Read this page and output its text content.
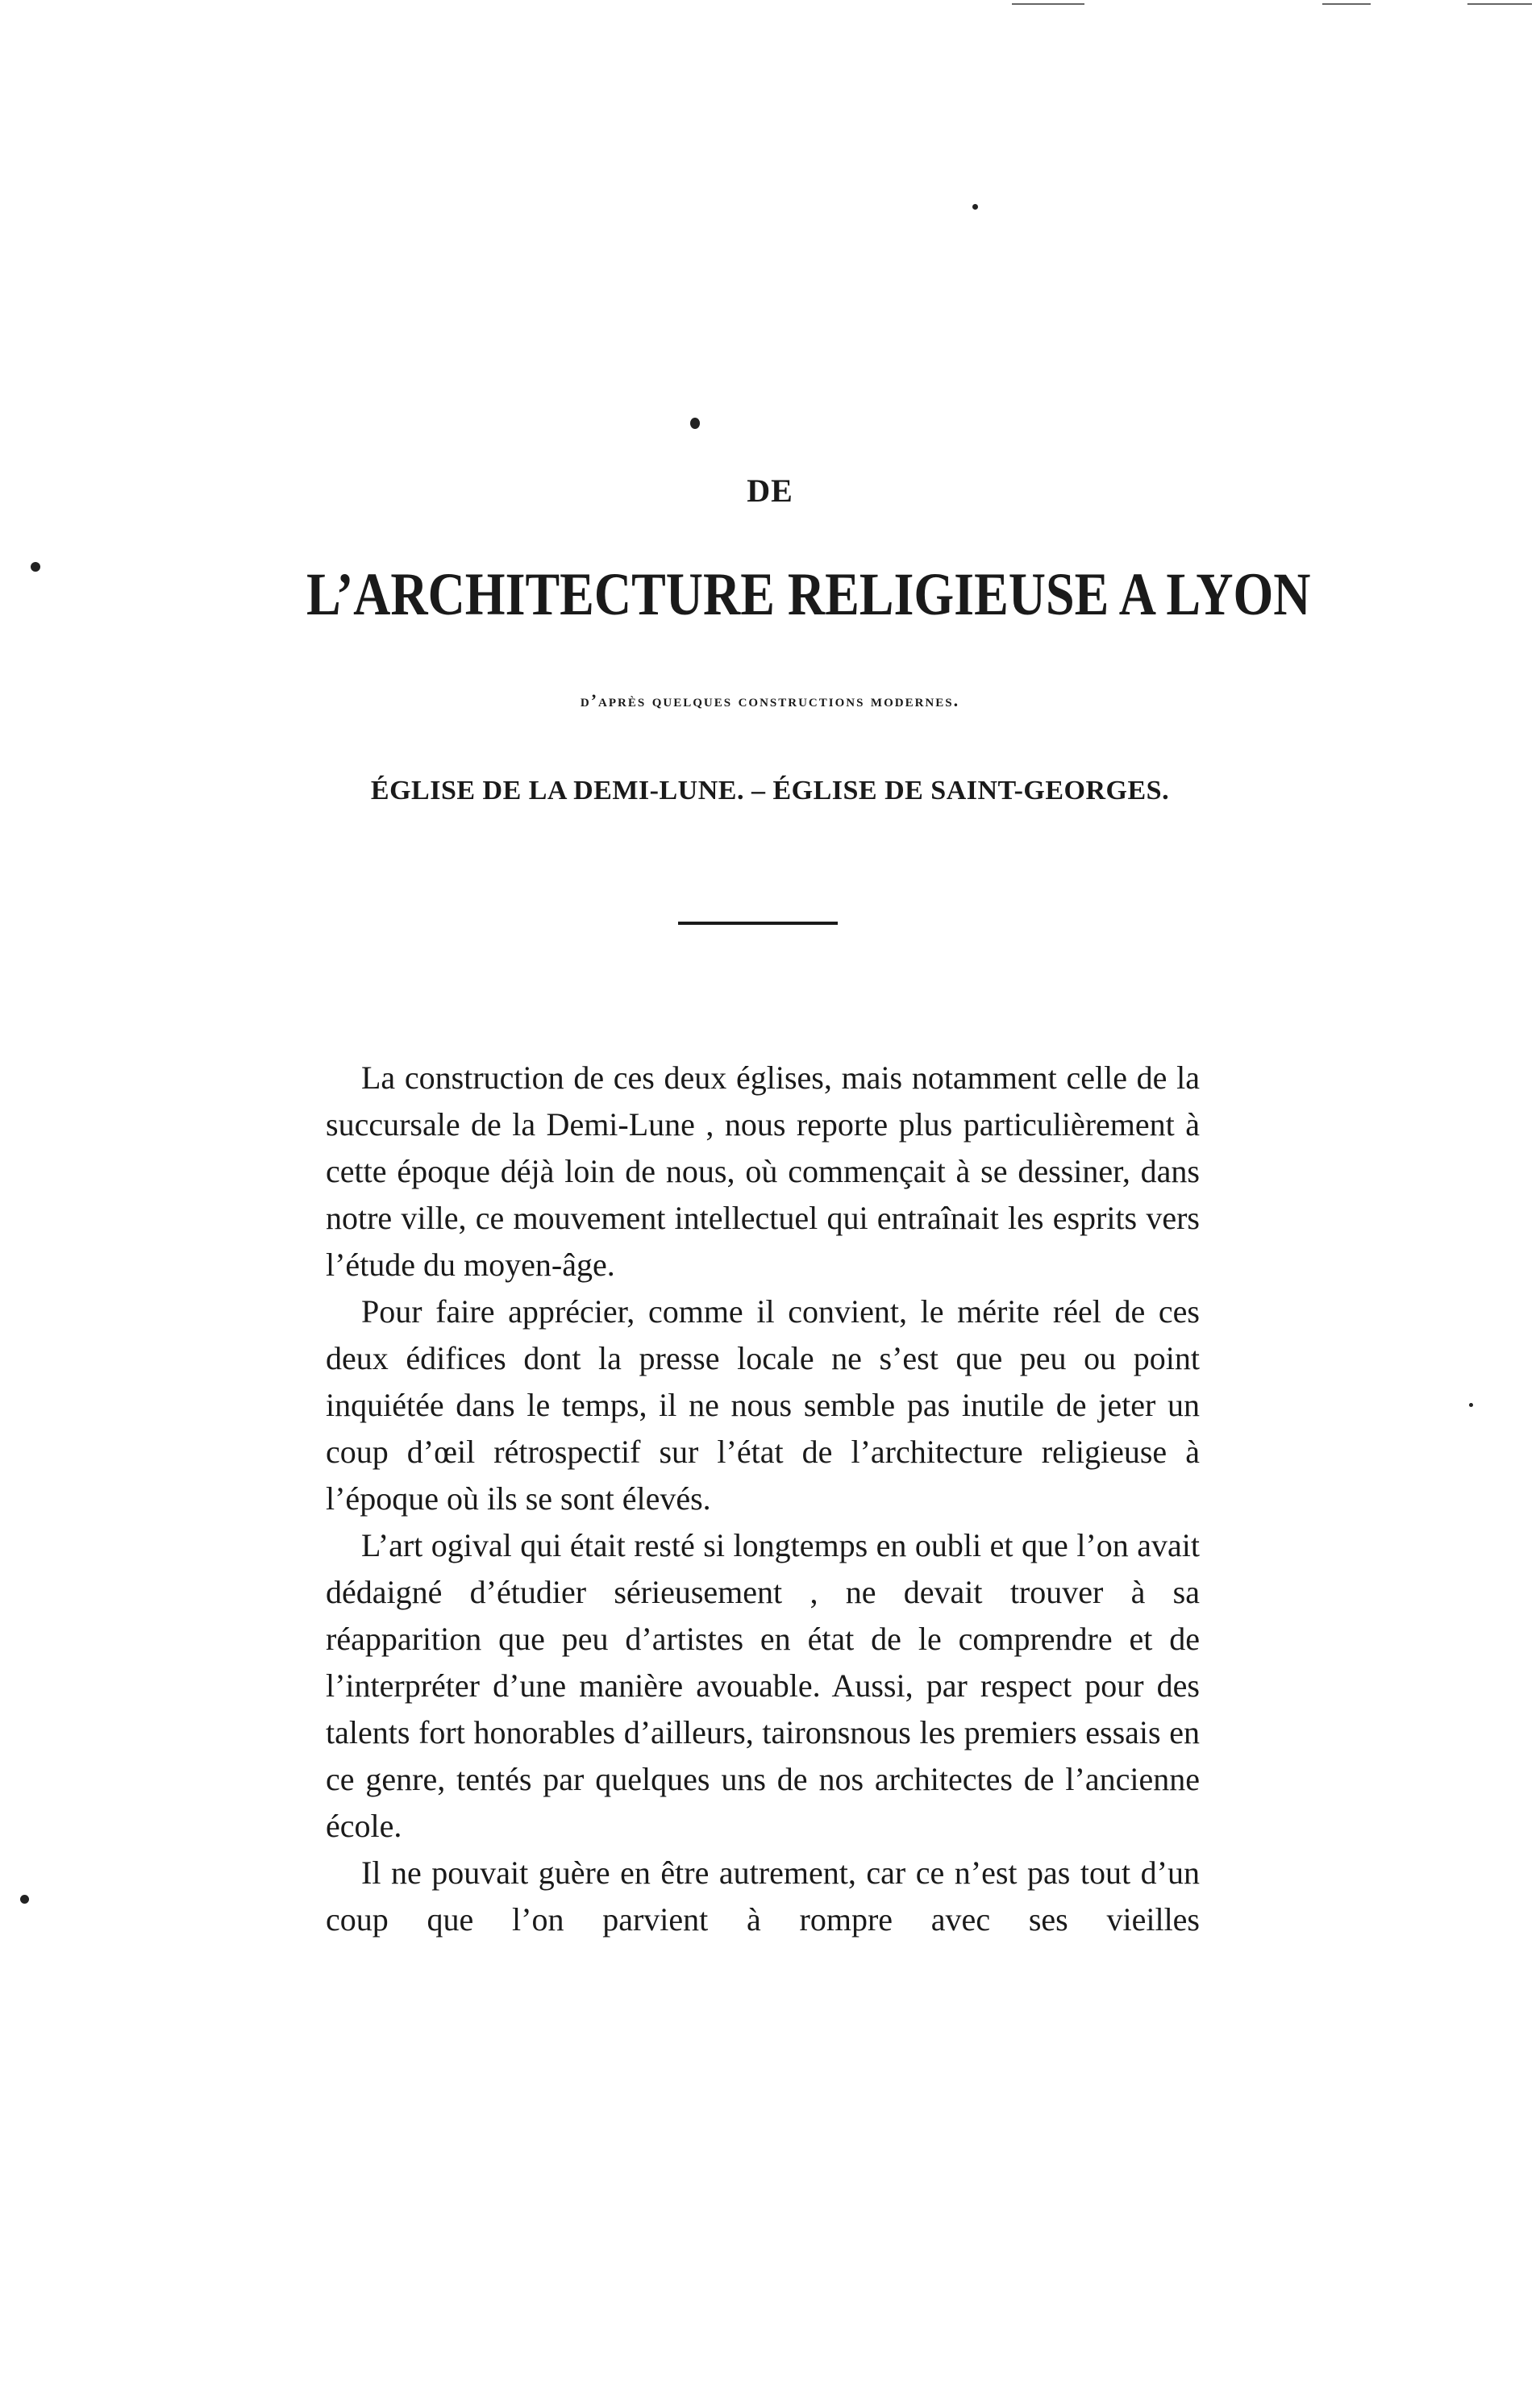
DE
L’ARCHITECTURE RELIGIEUSE A LYON
d’après quelques constructions modernes.
ÉGLISE DE LA DEMI-LUNE. – ÉGLISE DE SAINT-GEORGES.

La construction de ces deux églises, mais notamment celle de la succursale de la Demi-Lune , nous reporte plus particulièrement à cette époque déjà loin de nous, où commençait à se dessiner, dans notre ville, ce mouvement intellectuel qui entraînait les esprits vers l’étude du moyen-âge.

Pour faire apprécier, comme il convient, le mérite réel de ces deux édifices dont la presse locale ne s’est que peu ou point inquiétée dans le temps, il ne nous semble pas inutile de jeter un coup d’œil rétrospectif sur l’état de l’architecture religieuse à l’époque où ils se sont élevés.

L’art ogival qui était resté si longtemps en oubli et que l’on avait dédaigné d’étudier sérieusement , ne devait trouver à sa réapparition que peu d’artistes en état de le comprendre et de l’interpréter d’une manière avouable. Aussi, par respect pour des talents fort honorables d’ailleurs, taironsnous les premiers essais en ce genre, tentés par quelques uns de nos architectes de l’ancienne école.

Il ne pouvait guère en être autrement, car ce n’est pas tout d’un coup que l’on parvient à rompre avec ses vieilles
